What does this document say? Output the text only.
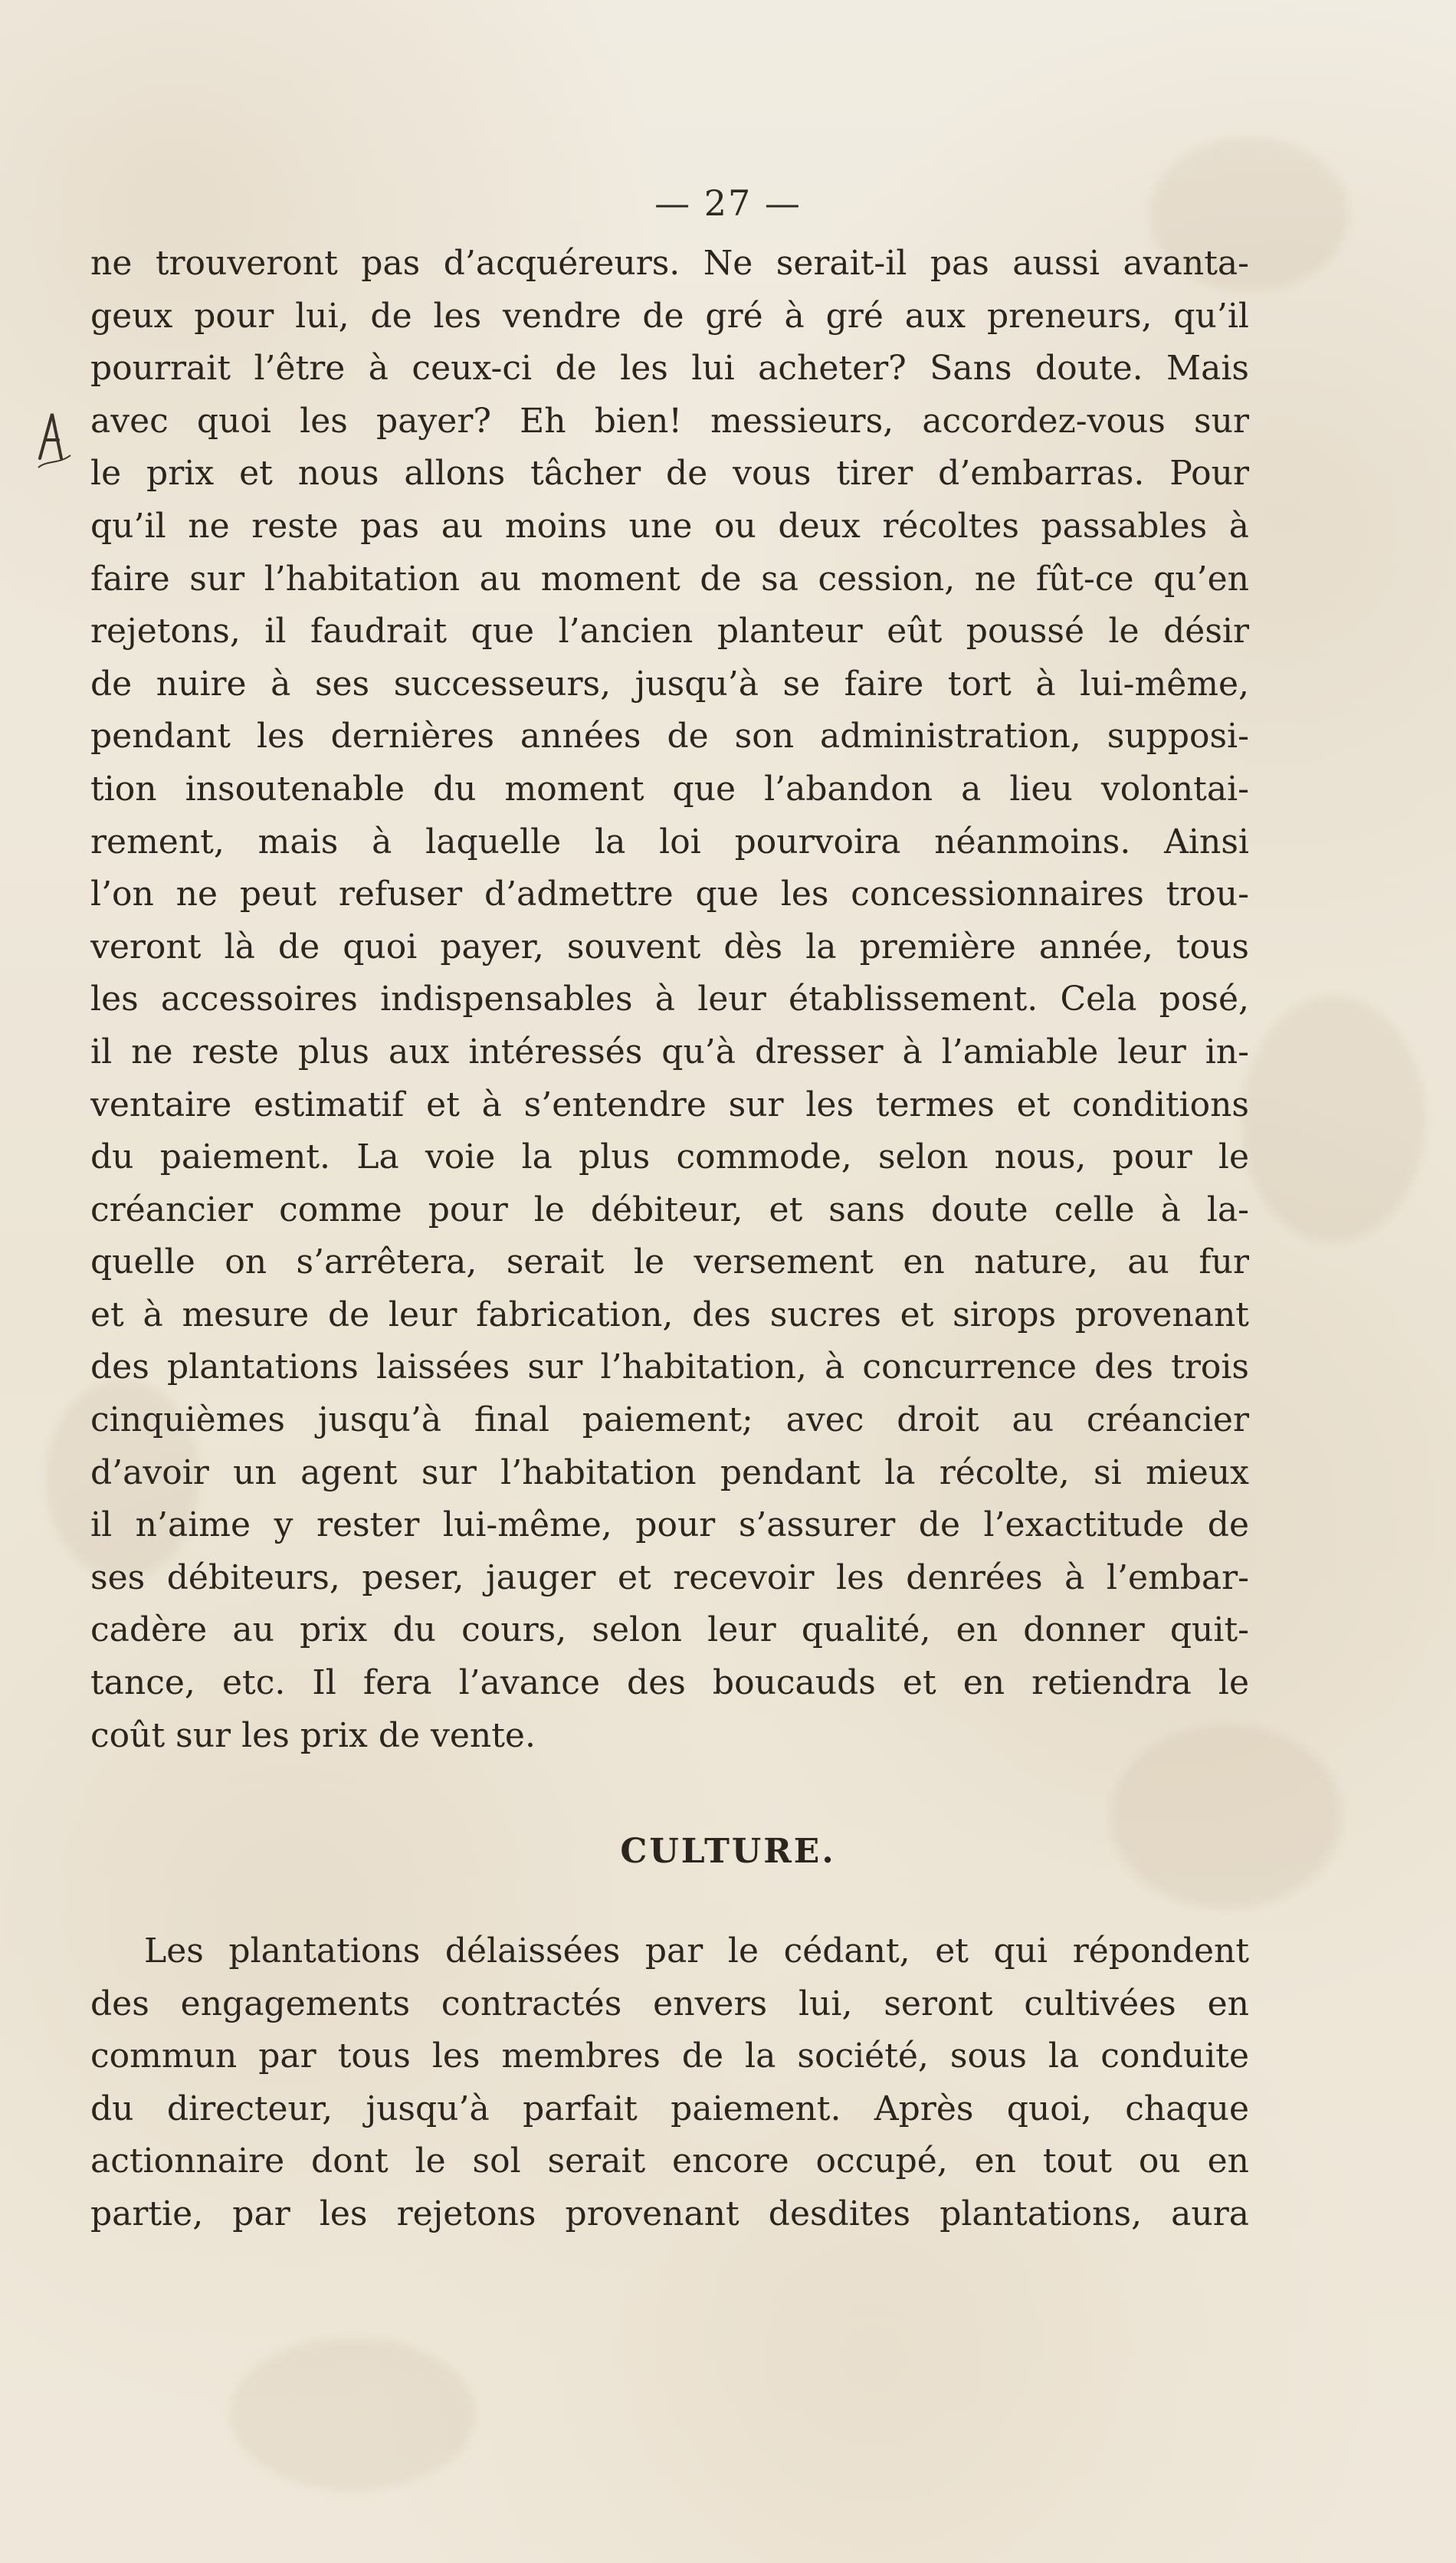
— 27 —
ne trouveront pas d’acquéreurs. Ne serait-il pas aussi avanta-
geux pour lui, de les vendre de gré à gré aux preneurs, qu’il
pourrait l’être à ceux-ci de les lui acheter? Sans doute. Mais
avec quoi les payer? Eh bien! messieurs, accordez-vous sur
le prix et nous allons tâcher de vous tirer d’embarras. Pour
qu’il ne reste pas au moins une ou deux récoltes passables à
faire sur l’habitation au moment de sa cession, ne fût-ce qu’en
rejetons, il faudrait que l’ancien planteur eût poussé le désir
de nuire à ses successeurs, jusqu’à se faire tort à lui-même,
pendant les dernières années de son administration, supposi-
tion insoutenable du moment que l’abandon a lieu volontai-
rement, mais à laquelle la loi pourvoira néanmoins. Ainsi
l’on ne peut refuser d’admettre que les concessionnaires trou-
veront là de quoi payer, souvent dès la première année, tous
les accessoires indispensables à leur établissement. Cela posé,
il ne reste plus aux intéressés qu’à dresser à l’amiable leur in-
ventaire estimatif et à s’entendre sur les termes et conditions
du paiement. La voie la plus commode, selon nous, pour le
créancier comme pour le débiteur, et sans doute celle à la-
quelle on s’arrêtera, serait le versement en nature, au fur
et à mesure de leur fabrication, des sucres et sirops provenant
des plantations laissées sur l’habitation, à concurrence des trois
cinquièmes jusqu’à final paiement; avec droit au créancier
d’avoir un agent sur l’habitation pendant la récolte, si mieux
il n’aime y rester lui-même, pour s’assurer de l’exactitude de
ses débiteurs, peser, jauger et recevoir les denrées à l’embar-
cadère au prix du cours, selon leur qualité, en donner quit-
tance, etc. Il fera l’avance des boucauds et en retiendra le
coût sur les prix de vente.
CULTURE.
Les plantations délaissées par le cédant, et qui répondent
des engagements contractés envers lui, seront cultivées en
commun par tous les membres de la société, sous la conduite
du directeur, jusqu’à parfait paiement. Après quoi, chaque
actionnaire dont le sol serait encore occupé, en tout ou en
partie, par les rejetons provenant desdites plantations, aura
